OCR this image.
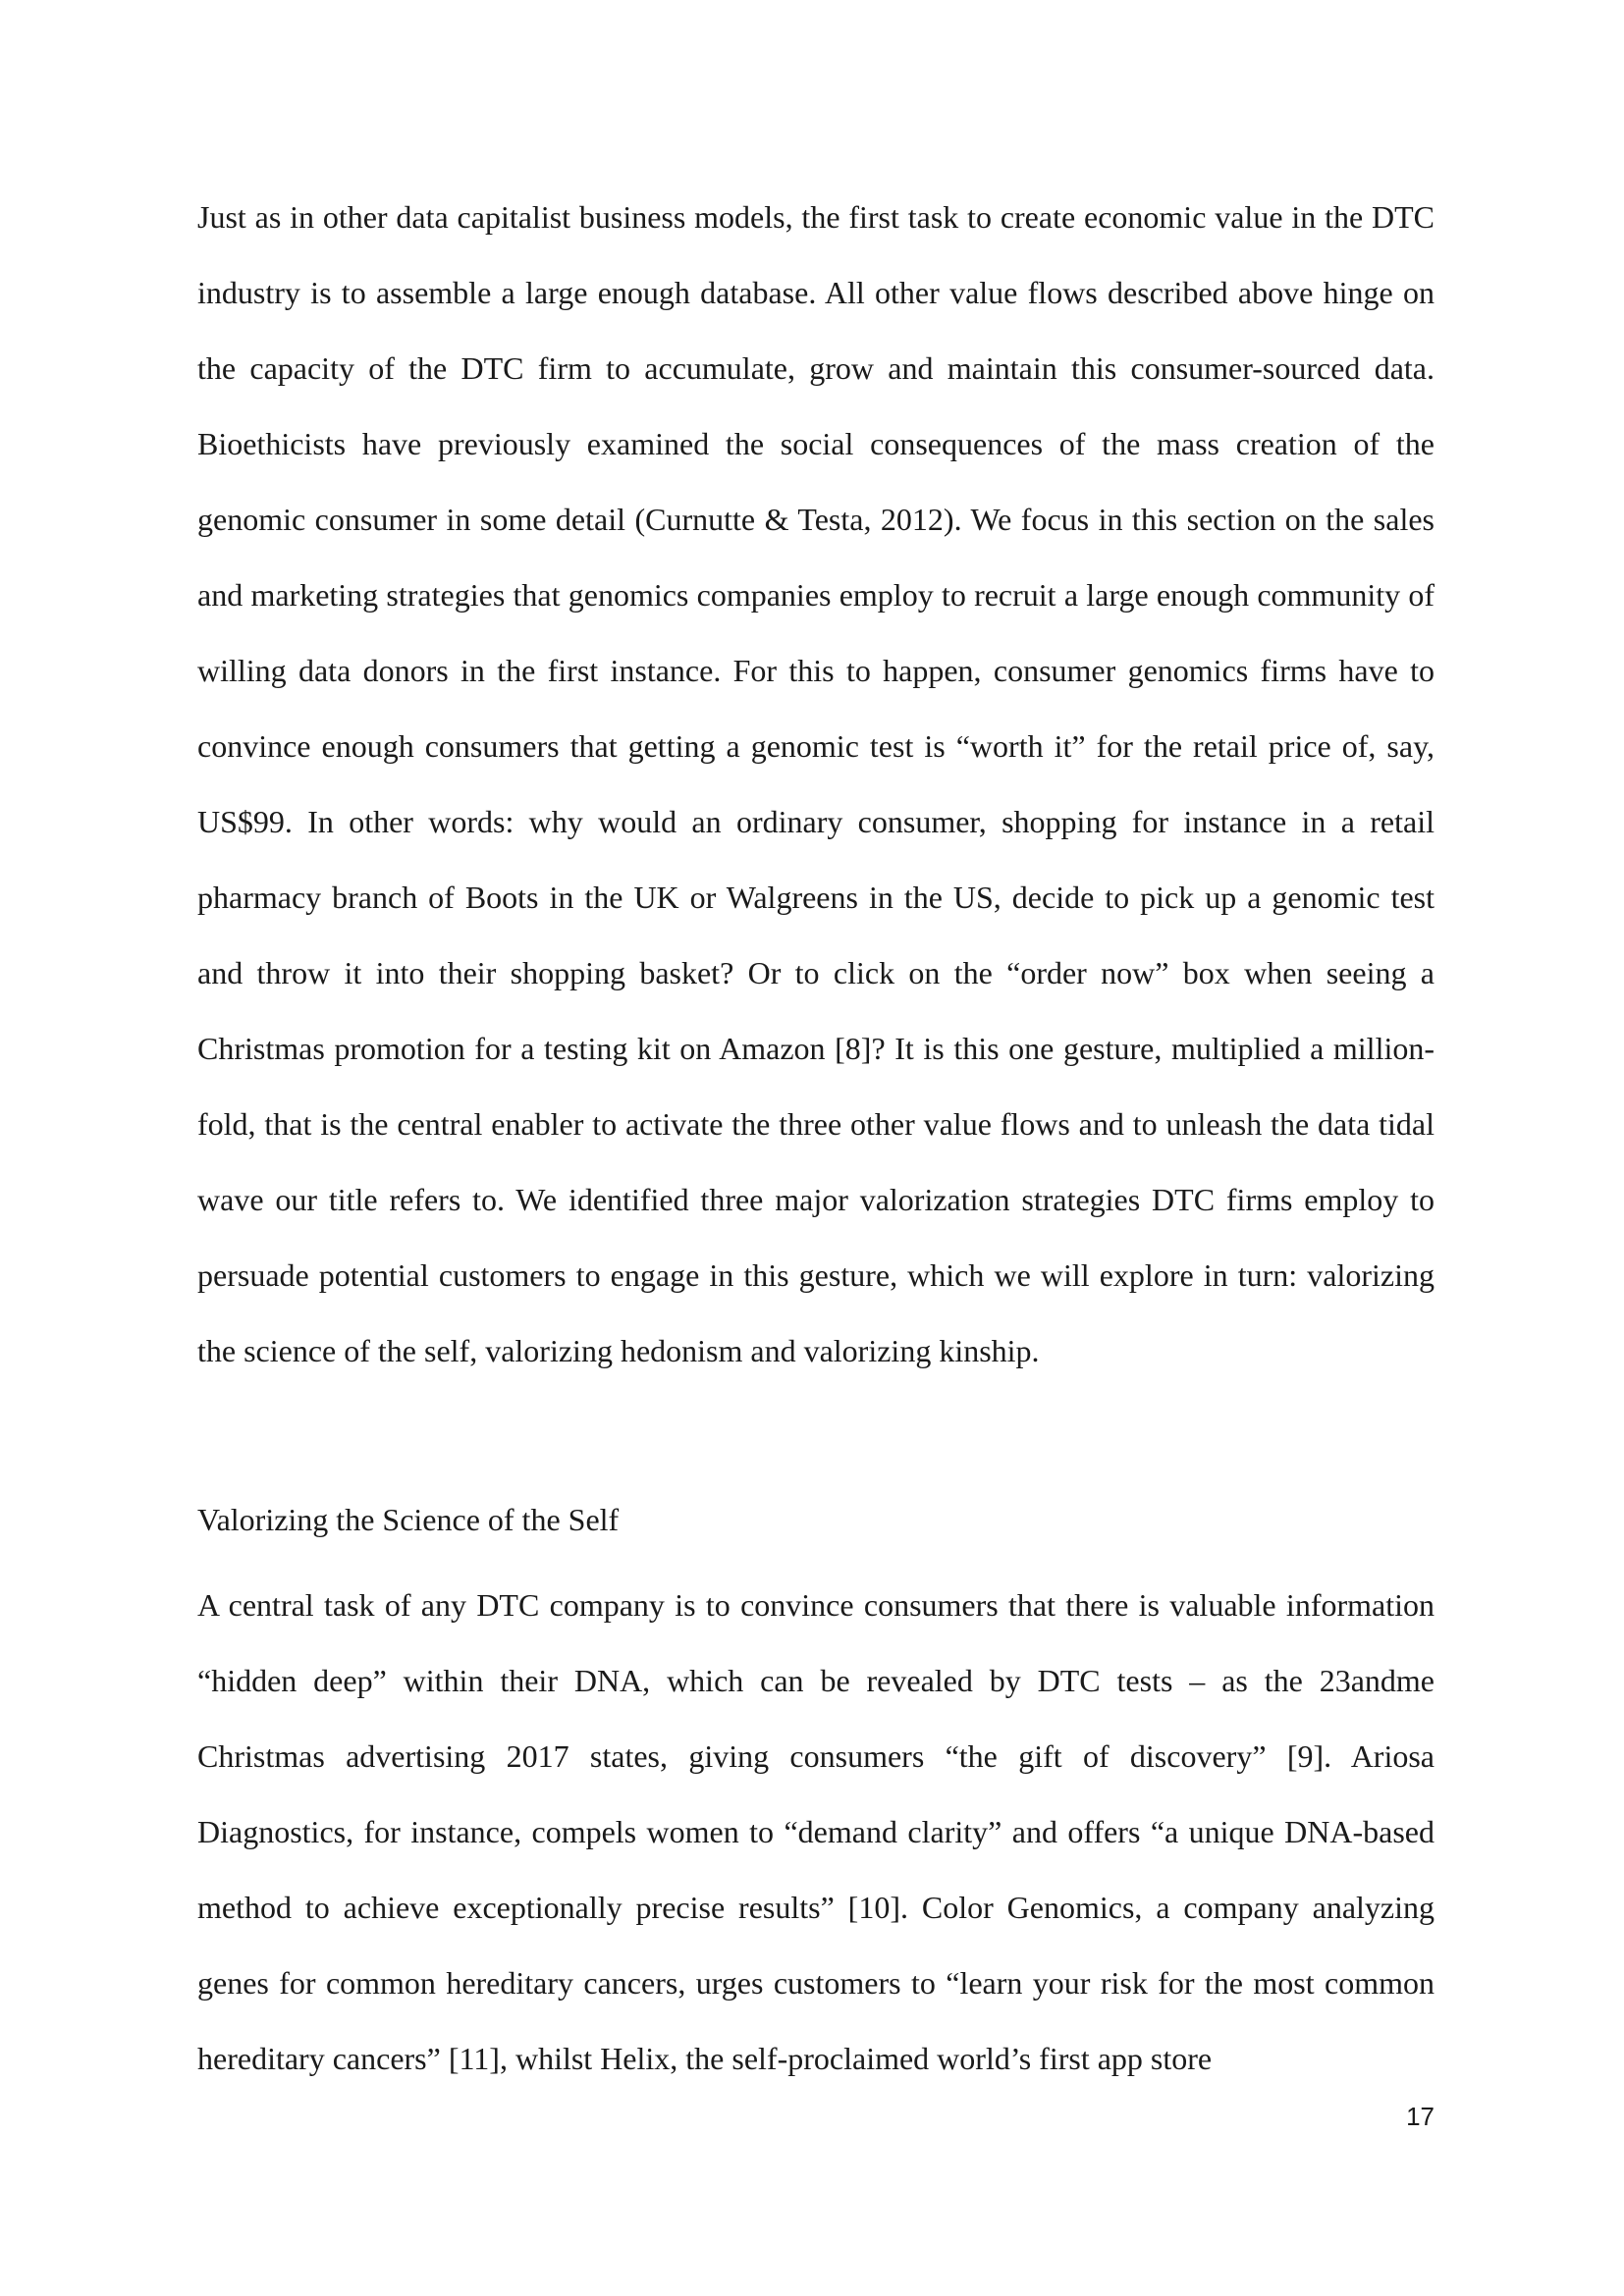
Just as in other data capitalist business models, the first task to create economic value in the DTC industry is to assemble a large enough database. All other value flows described above hinge on the capacity of the DTC firm to accumulate, grow and maintain this consumer-sourced data. Bioethicists have previously examined the social consequences of the mass creation of the genomic consumer in some detail (Curnutte & Testa, 2012). We focus in this section on the sales and marketing strategies that genomics companies employ to recruit a large enough community of willing data donors in the first instance. For this to happen, consumer genomics firms have to convince enough consumers that getting a genomic test is “worth it” for the retail price of, say, US$99. In other words: why would an ordinary consumer, shopping for instance in a retail pharmacy branch of Boots in the UK or Walgreens in the US, decide to pick up a genomic test and throw it into their shopping basket? Or to click on the “order now” box when seeing a Christmas promotion for a testing kit on Amazon [8]? It is this one gesture, multiplied a million-fold, that is the central enabler to activate the three other value flows and to unleash the data tidal wave our title refers to. We identified three major valorization strategies DTC firms employ to persuade potential customers to engage in this gesture, which we will explore in turn: valorizing the science of the self, valorizing hedonism and valorizing kinship.

Valorizing the Science of the Self

A central task of any DTC company is to convince consumers that there is valuable information “hidden deep” within their DNA, which can be revealed by DTC tests – as the 23andme Christmas advertising 2017 states, giving consumers “the gift of discovery” [9]. Ariosa Diagnostics, for instance, compels women to “demand clarity” and offers “a unique DNA-based method to achieve exceptionally precise results” [10]. Color Genomics, a company analyzing genes for common hereditary cancers, urges customers to “learn your risk for the most common hereditary cancers” [11], whilst Helix, the self-proclaimed world’s first app store

17
